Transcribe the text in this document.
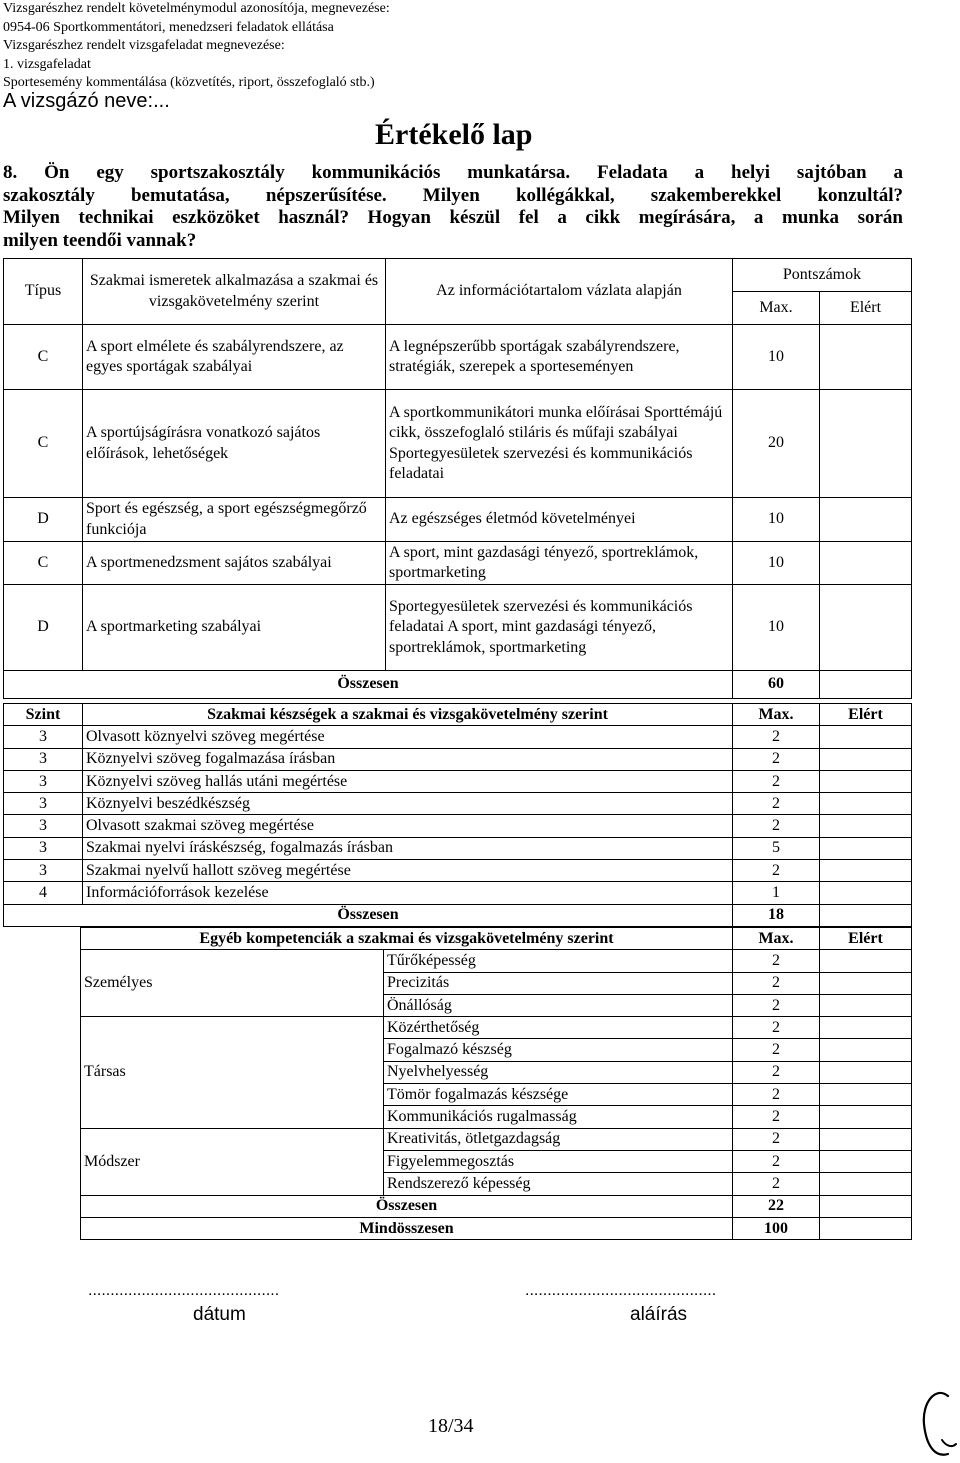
Vizsgarészhez rendelt követelménymodul azonosítója, megnevezése:
0954-06 Sportkommentátori, menedzseri feladatok ellátása
Vizsgarészhez rendelt vizsgafeladat megnevezése:
1. vizsgafeladat
Sportesemény kommentálása (közvetítés, riport, összefoglaló stb.)
A vizsgázó neve:...
Értékelő lap
8. Ön egy sportszakosztály kommunikációs munkatársa. Feladata a helyi sajtóban a
szakosztály bemutatása, népszerűsítése. Milyen kollégákkal, szakemberekkel konzultál?
Milyen technikai eszközöket használ? Hogyan készül fel a cikk megírására, a munka során
milyen teendői vannak?
Típus	Szakmai ismeretek alkalmazása a szakmai és vizsgakövetelmény szerint	Az információtartalom vázlata alapján	Pontszámok	
			Max.	Elért
C	A sport elmélete és szabályrendszere, az egyes sportágak szabályai	A legnépszerűbb sportágak szabályrendszere, stratégiák, szerepek a sporteseményen	10	
C	A sportújságírásra vonatkozó sajátos előírások, lehetőségek	A sportkommunikátori munka előírásai Sporttémájú cikk, összefoglaló stiláris és műfaji szabályai Sportegyesületek szervezési és kommunikációs feladatai	20	
D	Sport és egészség, a sport egészségmegőrző funkciója	Az egészséges életmód követelményei	10	
C	A sportmenedzsment sajátos szabályai	A sport, mint gazdasági tényező, sportreklámok, sportmarketing	10	
D	A sportmarketing szabályai	Sportegyesületek szervezési és kommunikációs feladatai A sport, mint gazdasági tényező, sportreklámok, sportmarketing	10	
Összesen			60	
Szint	Szakmai készségek a szakmai és vizsgakövetelmény szerint	Max.	Elért
3	Olvasott köznyelvi szöveg megértése	2	
3	Köznyelvi szöveg fogalmazása írásban	2	
3	Köznyelvi szöveg hallás utáni megértése	2	
3	Köznyelvi beszédkészség	2	
3	Olvasott szakmai szöveg megértése	2	
3	Szakmai nyelvi íráskészség, fogalmazás írásban	5	
3	Szakmai nyelvű hallott szöveg megértése	2	
4	Információforrások kezelése	1	
Összesen		18	
Egyéb kompetenciák a szakmai és vizsgakövetelmény szerint		Max.	Elért
Személyes	Tűrőképesség	2	
	Precizitás	2	
	Önállóság	2	
Társas	Közérthetőség	2	
	Fogalmazó készség	2	
	Nyelvhelyesség	2	
	Tömör fogalmazás készsége	2	
	Kommunikációs rugalmasság	2	
Módszer	Kreativitás, ötletgazdagság	2	
	Figyelemmegosztás	2	
	Rendszerező képesség	2	
Összesen		22	
Mindösszesen		100	
...........................................	...........................................
dátum	aláírás
18/34
